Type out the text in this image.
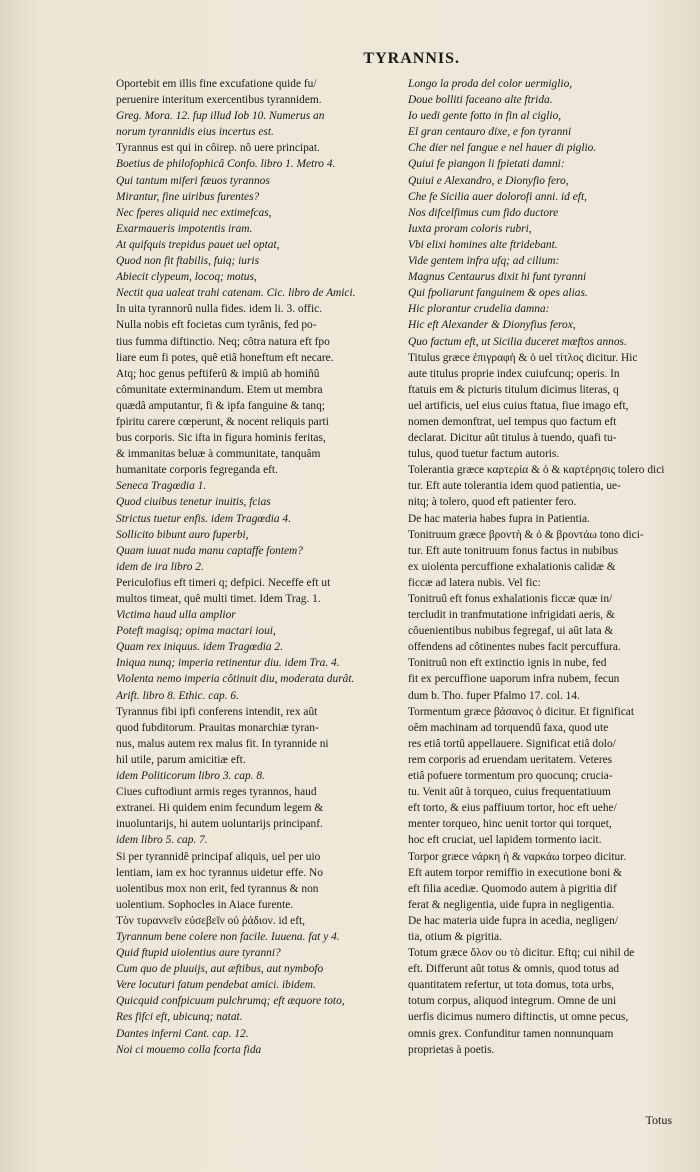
TYRANNIS.
Oportebit em illis fine excufatione quide fu/
peruenire interitum exercentibus tyrannidem.
Greg. Mora. 12. fup illud Iob 10. Numerus an
norum tyrannidis eius incertus est.
Tyrannus est qui in côirep. nô uere principat.
Boetius de philofophicâ Confo. libro 1. Metro 4.
Qui tantum miferi fæuos tyrannos
Mirantur, fine uiribus furentes?
Nec fperes aliquid nec extimefcas,
Exarmaueris impotentis iram.
At quifquis trepidus pauet uel optat,
Quod non fit ftabilis, fuiq; iuris
Abiecit clypeum, locoq; motus,
Nectit qua ualeat trahi catenam. Cic. libro de Amici.
In uita tyrannorû nulla fides. idem li. 3. offic.
Nulla nobis eft focietas cum tyrânis, fed po-
tius fumma diftinctio. Neq; côtra natura eft fpo
liare eum fi potes, quê etiâ honeftum eft necare.
Atq; hoc genus peftiferû & impiû ab homiñû
cômunitate exterminandum. Etem ut membra
quædâ amputantur, fi & ipfa fanguine & tanq;
fpiritu carere cœperunt, & nocent reliquis parti
bus corporis. Sic ifta in figura hominis feritas,
& immanitas beluæ à communitate, tanquâm
humanitate corporis fegreganda eft.
Seneca Tragœdia 1.
Quod ciuibus tenetur inuitis, fcias
Strictus tuetur enfis. idem Tragœdia 4.
Sollicito bibunt auro fuperbi,
Quam iuuat nuda manu captaffe fontem?
idem de ira libro 2.
Periculofius eft timeri q; defpici. Neceffe eft ut
multos timeat, quê multi timet. Idem Trag. 1.
Victima haud ulla amplior
Poteft magisq; opima mactari ioui,
Quam rex iniquus. idem Tragœdia 2.
Iniqua nunq; imperia retinentur diu. idem Tra. 4.
Violenta nemo imperia côtinuit diu, moderata durât.
Arift. libro 8. Ethic. cap. 6.
Tyrannus fibi ipfi conferens intendit, rex aût
quod fubditorum. Prauitas monarchiæ tyran-
nus, malus autem rex malus fit. In tyrannide ni
hil utile, parum amicitiæ eft.
idem Politicorum libro 3. cap. 8.
Ciues cuftodiunt armis reges tyrannos, haud
extranei. Hi quidem enim fecundum legem &
inuoluntarijs, hi autem uoluntarijs principanf.
idem libro 5. cap. 7.
Si per tyrannidê principaf aliquis, uel per uio
lentiam, iam ex hoc tyrannus uidetur effe. No
uolentibus mox non erit, fed tyrannus & non
uolentium. Sophocles in Aiace furente.
Τὸν τυραννεῖν εὐσεβεῖν οὐ ῥάδιον. id eft,
Tyrannum bene colere non facile. Iuuena. fat y 4.
Quid ftupid uiolentius aure tyranni?
Cum quo de pluuijs, aut æftibus, aut nymbofo
Vere locuturi fatum pendebat amici. ibidem.
Quicquid confpicuum pulchrumq; eft æquore toto,
Res fifci eft, ubicunq; natat.
Dantes inferni Cant. cap. 12.
Noi ci mouemo colla fcorta fida
Longo la proda del color uermiglio,
Doue bolliti faceano alte ftrida.
Io uedi gente fotto in fin al ciglio,
El gran centauro dixe, e fon tyranni
Che dier nel fangue e nel hauer di piglio.
Quiui fe piangon li fpietati damni:
Quiui e Alexandro, e Dionyfio fero,
Che fe Sicilia auer dolorofi anni. id eft,
Nos difcelfimus cum fido ductore
Iuxta proram coloris rubri,
Vbi elixi homines alte ftridebant.
Vide gentem infra ufq; ad cilium:
Magnus Centaurus dixit hi funt tyranni
Qui fpoliarunt fanguinem & opes alias.
Hic plorantur crudelia damna:
Hic eft Alexander & Dionyfius ferox,
Quo factum eft, ut Sicilia duceret mœftos annos.
Titulus græce ἐπιγραφὴ & ὁ uel τίτλος dicitur. Hic
aute titulus proprie index cuiufcunq; operis. In
ftatuis em & picturis titulum dicimus literas, q
uel artificis, uel eius cuius ftatua, fiue imago eft,
nomen demonftrat, uel tempus quo factum eft
declarat. Dicitur aût titulus à tuendo, quafi tu-
tulus, quod tuetur factum autoris.
Tolerantia græce καρτερία & ὁ & καρτέρησις tolero dici
tur. Eft aute tolerantia idem quod patientia, ue-
nitq; à tolero, quod eft patienter fero.
De hac materia habes fupra in Patientia.
Tonitruum græce βροντὴ & ὁ & βροντάω tono dici-
tur. Eft aute tonitruum fonus factus in nubibus
ex uiolenta percuffione exhalationis calidæ &
ficcæ ad latera nubis. Vel fic:
Tonitruû eft fonus exhalationis ficcæ quæ in/
tercludit in tranfmutatione infrigidati aeris, &
côuenientibus nubibus fegregaf, ui aût lata &
offendens ad côtinentes nubes facit percuffura.
Tonitruû non eft extinctio ignis in nube, fed
fit ex percuffione uaporum infra nubem, fecun
dum b. Tho. fuper Pfalmo 17. col. 14.
Tormentum græce βάσανος ὁ dicitur. Et fignificat
oêm machinam ad torquendû faxa, quod ute
res etiâ tortû appellauere. Significat etiâ dolo/
rem corporis ad eruendam ueritatem. Veteres
etiâ pofuere tormentum pro quocunq; crucia-
tu. Venit aût à torqueo, cuius frequentatiuum
eft torto, & eius paffiuum tortor, hoc eft uehe/
menter torqueo, hinc uenit tortor qui torquet,
hoc eft cruciat, uel lapidem tormento iacit.
Torpor græce νάρκη ἡ & ναρκάω torpeo dicitur.
Eft autem torpor remiffio in executione boni &
eft filia acediæ. Quomodo autem à pigritia dif
ferat & negligentia, uide fupra in negligentia.
De hac materia uide fupra in acedia, negligen/
tia, otium & pigritia.
Totum græce ὅλον ου τὸ dicitur. Eftq; cui nihil de
eft. Differunt aût totus & omnis, quod totus ad
quantitatem refertur, ut tota domus, tota urbs,
totum corpus, aliquod integrum. Omne de uni
uerfis dicimus numero diftinctis, ut omne pecus,
omnis grex. Confunditur tamen nonnunquam
proprietas à poetis.
Totus
